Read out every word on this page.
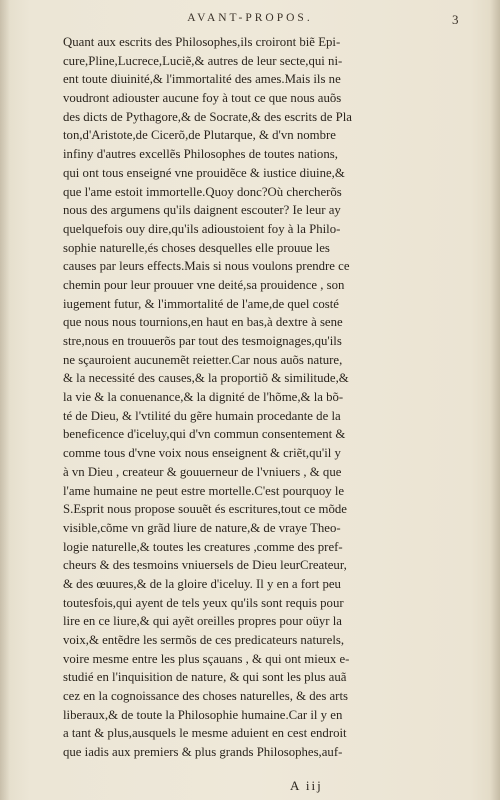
AVANT-PROPOS.	3
Quant aux escrits des Philosophes,ils croiront biẽ Epi-
cure,Pline,Lucrece,Luciẽ,& autres de leur secte,qui ni-
ent toute diuinité,& l'immortalité des ames.Mais ils ne
voudront adiouster aucune foy à tout ce que nous auõs
des dicts de Pythagore,& de Socrate,& des escrits de Pla
ton,d'Aristote,de Cicerõ,de Plutarque, & d'vn nombre
infiny d'autres excellẽs Philosophes de toutes nations,
qui ont tous enseigné vne prouidẽce & iustice diuine,&
que l'ame estoit immortelle.Quoy donc?Où chercherõs
nous des argumens qu'ils daignent escouter? Ie leur ay
quelquefois ouy dire,qu'ils adioustoient foy à la Philo-
sophie naturelle,és choses desquelles elle prouue les
causes par leurs effects.Mais si nous voulons prendre ce
chemin pour leur prouuer vne deité,sa prouidence , son
iugement futur, & l'immortalité de l'ame,de quel costé
que nous nous tournions,en haut en bas,à dextre à sene
stre,nous en trouuerõs par tout des tesmoignages,qu'ils
ne sçauroient aucunemẽt reietter.Car nous auõs nature,
& la necessité des causes,& la proportiõ & similitude,&
la vie & la conuenance,& la dignité de l'hõme,& la bõ-
té de Dieu, & l'vtilité du gẽre humain procedante de la
beneficence d'iceluy,qui d'vn commun consentement &
comme tous d'vne voix nous enseignent & criẽt,qu'il y
à vn Dieu , createur & gouuerneur de l'vniuers , & que
l'ame humaine ne peut estre mortelle.C'est pourquoy le
S.Esprit nous propose souuẽt és escritures,tout ce mõde
visible,cõme vn grãd liure de nature,& de vraye Theo-
logie naturelle,& toutes les creatures ,comme des pref-
cheurs & des tesmoins vniuersels de Dieu leurCreateur,
& des œuures,& de la gloire d'iceluy. Il y en a fort peu
toutesfois,qui ayent de tels yeux qu'ils sont requis pour
lire en ce liure,& qui ayẽt oreilles propres pour oüyr la
voix,& entẽdre les sermõs de ces predicateurs naturels,
voire mesme entre les plus sçauans , & qui ont mieux e-
studié en l'inquisition de nature, & qui sont les plus auã
cez en la cognoissance des choses naturelles, & des arts
liberaux,& de toute la Philosophie humaine.Car il y en
a tant & plus,ausquels le mesme aduient en cest endroit
que iadis aux premiers & plus grands Philosophes,auf-
A iij
